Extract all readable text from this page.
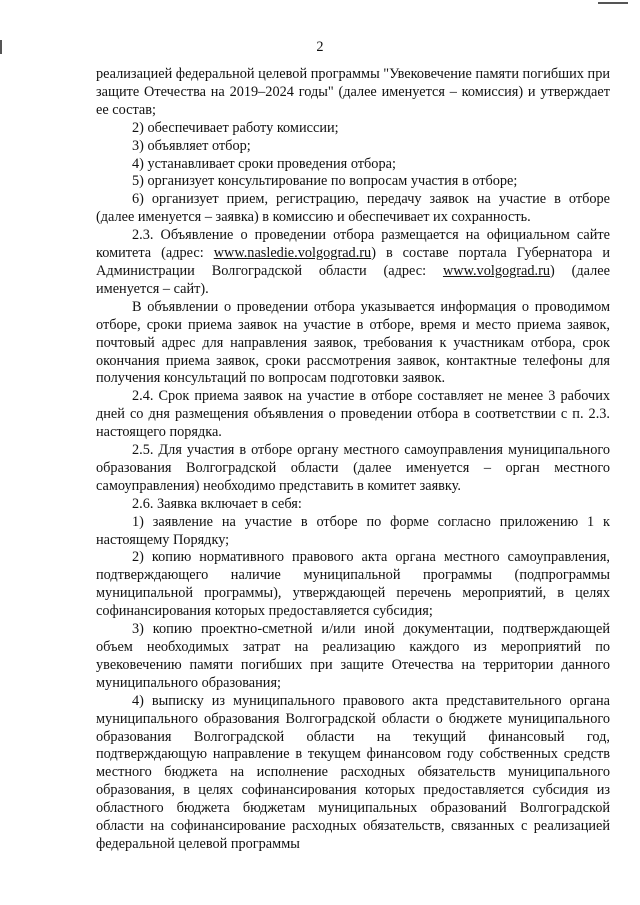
2

реализацией федеральной целевой программы "Увековечение памяти погибших при защите Отечества на 2019–2024 годы" (далее именуется – комиссия) и утверждает ее состав;

2) обеспечивает работу комиссии;

3) объявляет отбор;

4) устанавливает сроки проведения отбора;

5) организует консультирование по вопросам участия в отборе;

6) организует прием, регистрацию, передачу заявок на участие в отборе (далее именуется – заявка) в комиссию и обеспечивает их сохранность.

2.3. Объявление о проведении отбора размещается на официальном сайте комитета (адрес: www.nasledie.volgograd.ru) в составе портала Губернатора и Администрации Волгоградской области (адрес: www.volgograd.ru) (далее именуется – сайт).

В объявлении о проведении отбора указывается информация о проводимом отборе, сроки приема заявок на участие в отборе, время и место приема заявок, почтовый адрес для направления заявок, требования к участникам отбора, срок окончания приема заявок, сроки рассмотрения заявок, контактные телефоны для получения консультаций по вопросам подготовки заявок.

2.4. Срок приема заявок на участие в отборе составляет не менее 3 рабочих дней со дня размещения объявления о проведении отбора в соответствии с п. 2.3. настоящего порядка.

2.5. Для участия в отборе органу местного самоуправления муниципального образования Волгоградской области (далее именуется – орган местного самоуправления) необходимо представить в комитет заявку.

2.6. Заявка включает в себя:

1) заявление на участие в отборе по форме согласно приложению 1 к настоящему Порядку;

2) копию нормативного правового акта органа местного самоуправления, подтверждающего наличие муниципальной программы (подпрограммы муниципальной программы), утверждающей перечень мероприятий, в целях софинансирования которых предоставляется субсидия;

3) копию проектно-сметной и/или иной документации, подтверждающей объем необходимых затрат на реализацию каждого из мероприятий по увековечению памяти погибших при защите Отечества на территории данного муниципального образования;

4) выписку из муниципального правового акта представительного органа муниципального образования Волгоградской области о бюджете муниципального образования Волгоградской области на текущий финансовый год, подтверждающую направление в текущем финансовом году собственных средств местного бюджета на исполнение расходных обязательств муниципального образования, в целях софинансирования которых предоставляется субсидия из областного бюджета бюджетам муниципальных образований Волгоградской области на софинансирование расходных обязательств, связанных с реализацией федеральной целевой программы
